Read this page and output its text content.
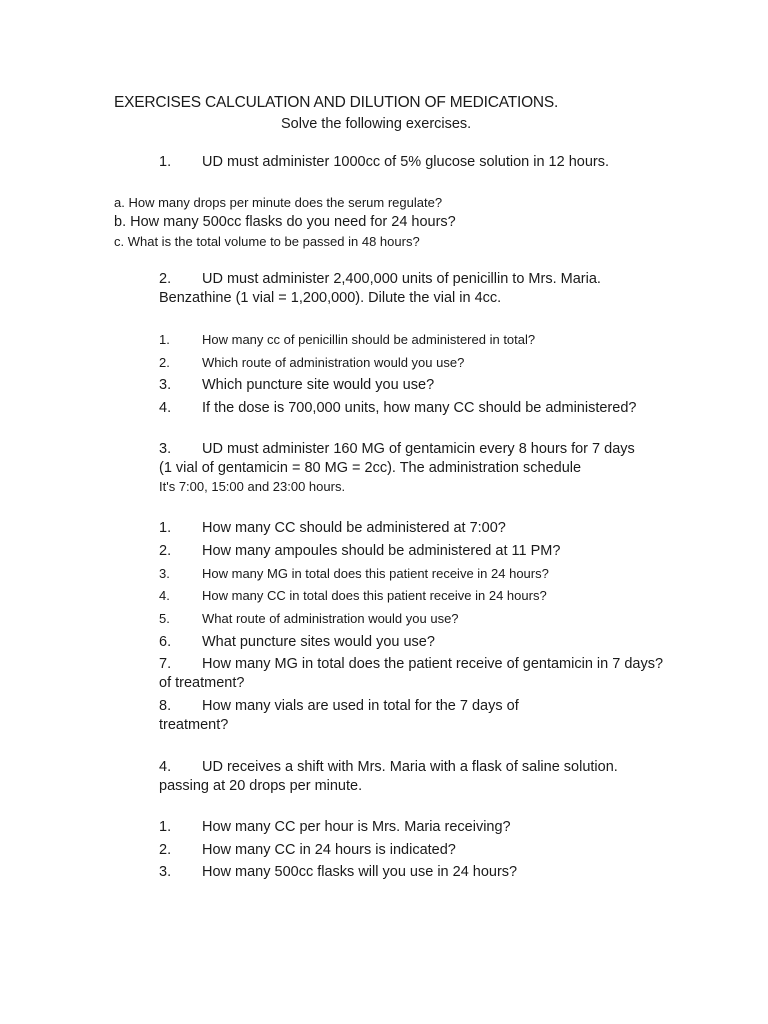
EXERCISES CALCULATION AND DILUTION OF MEDICATIONS.
Solve the following exercises.
1. UD must administer 1000cc of 5% glucose solution in 12 hours.
a. How many drops per minute does the serum regulate?
b. How many 500cc flasks do you need for 24 hours?
c. What is the total volume to be passed in 48 hours?
2. UD must administer 2,400,000 units of penicillin to Mrs. Maria.
Benzathine (1 vial = 1,200,000). Dilute the vial in 4cc.
1. How many cc of penicillin should be administered in total?
2. Which route of administration would you use?
3. Which puncture site would you use?
4. If the dose is 700,000 units, how many CC should be administered?
3. UD must administer 160 MG of gentamicin every 8 hours for 7 days
(1 vial of gentamicin = 80 MG = 2cc). The administration schedule
It's 7:00, 15:00 and 23:00 hours.
1. How many CC should be administered at 7:00?
2. How many ampoules should be administered at 11 PM?
3. How many MG in total does this patient receive in 24 hours?
4. How many CC in total does this patient receive in 24 hours?
5. What route of administration would you use?
6. What puncture sites would you use?
7. How many MG in total does the patient receive of gentamicin in 7 days?
of treatment?
8. How many vials are used in total for the 7 days of
treatment?
4. UD receives a shift with Mrs. Maria with a flask of saline solution.
passing at 20 drops per minute.
1. How many CC per hour is Mrs. Maria receiving?
2. How many CC in 24 hours is indicated?
3. How many 500cc flasks will you use in 24 hours?
